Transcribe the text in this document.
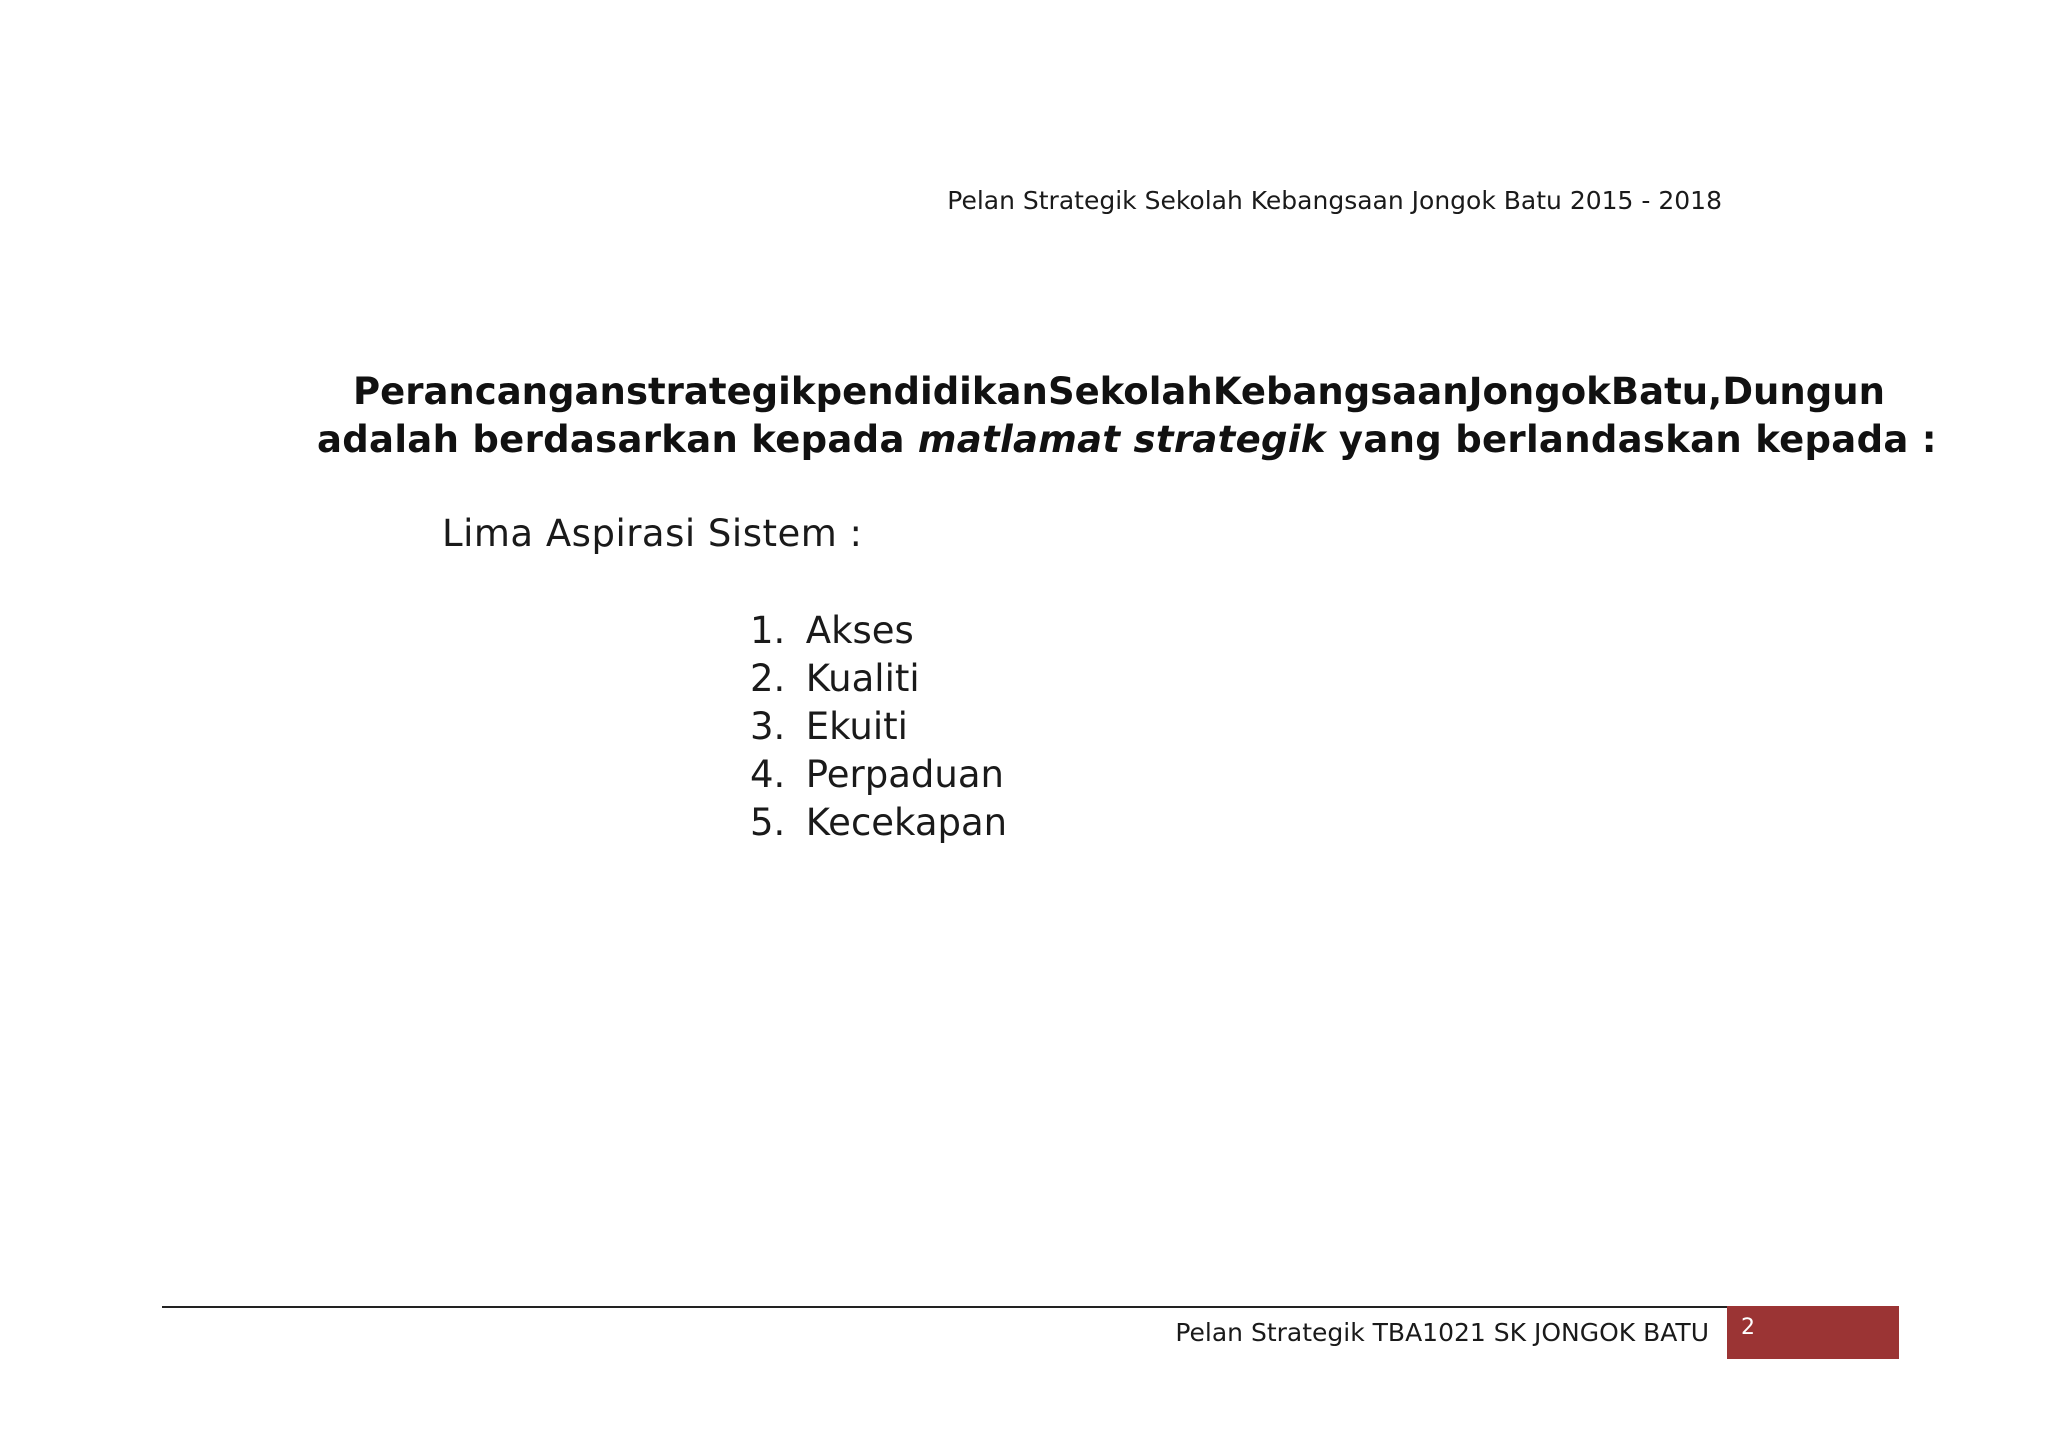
Pelan Strategik Sekolah Kebangsaan Jongok Batu 2015 - 2018
Perancangan strategik pendidikan Sekolah Kebangsaan Jongok Batu, Dungun
adalah berdasarkan kepada matlamat strategik yang berlandaskan kepada :
Lima Aspirasi Sistem :
1. Akses
2. Kualiti
3. Ekuiti
4. Perpaduan
5. Kecekapan
Pelan Strategik TBA1021 SK JONGOK BATU 2
